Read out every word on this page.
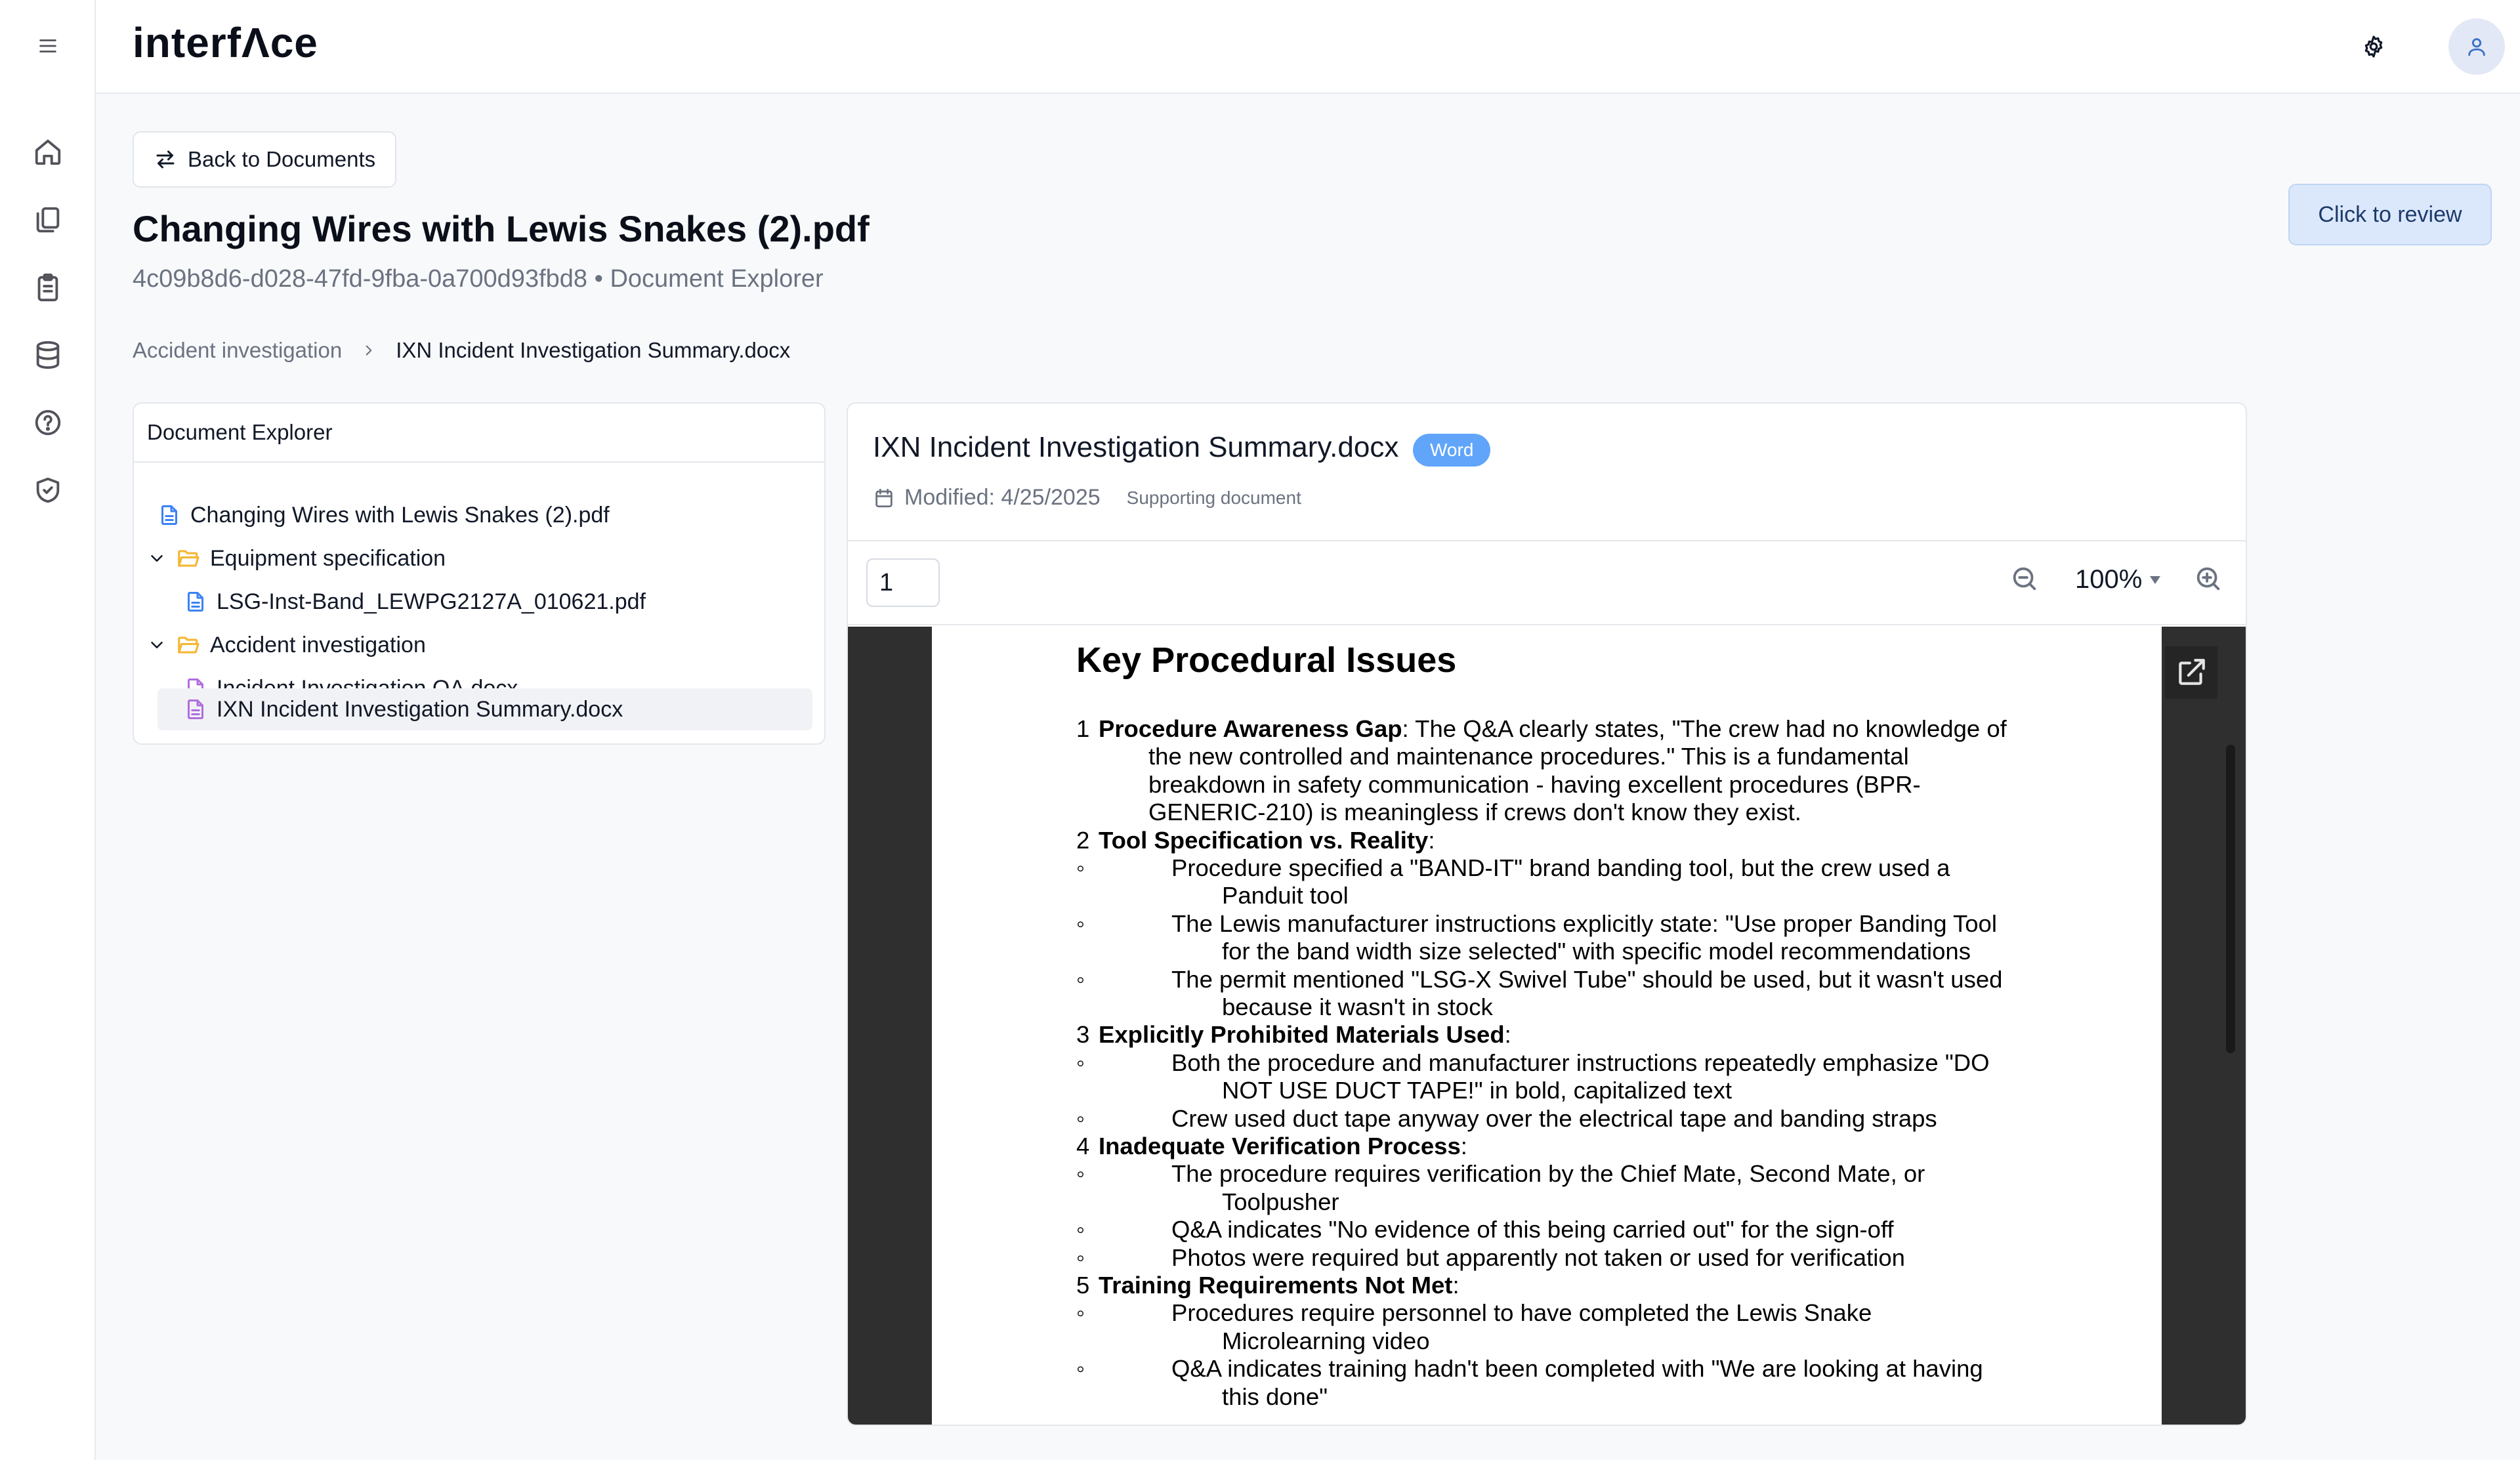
interfΛce
Back to Documents
Changing Wires with Lewis Snakes (2).pdf
4c09b8d6-d028-47fd-9fba-0a700d93fbd8 • Document Explorer
Click to review
Accident investigation IXN Incident Investigation Summary.docx
Document Explorer
Changing Wires with Lewis Snakes (2).pdf
Equipment specification
LSG-Inst-Band_LEWPG2127A_010621.pdf
Accident investigation
IXN Incident Investigation Summary.docx
IXN Incident Investigation Summary.docx	Word
Modified: 4/25/2025 Supporting document
1
100%
Key Procedural Issues
1 Procedure Awareness Gap: The Q&A clearly states, "The crew had no knowledge of
the new controlled and maintenance procedures." This is a fundamental
breakdown in safety communication - having excellent procedures (BPR-
GENERIC-210) is meaningless if crews don't know they exist.
2 Tool Specification vs. Reality:
◦	Procedure specified a "BAND-IT" brand banding tool, but the crew used a
Panduit tool
◦	The Lewis manufacturer instructions explicitly state: "Use proper Banding Tool
for the band width size selected" with specific model recommendations
◦	The permit mentioned "LSG-X Swivel Tube" should be used, but it wasn't used
because it wasn't in stock
3 Explicitly Prohibited Materials Used:
◦	Both the procedure and manufacturer instructions repeatedly emphasize "DO
NOT USE DUCT TAPE!" in bold, capitalized text
◦	Crew used duct tape anyway over the electrical tape and banding straps
4 Inadequate Verification Process:
◦	The procedure requires verification by the Chief Mate, Second Mate, or
Toolpusher
◦	Q&A indicates "No evidence of this being carried out" for the sign-off
◦	Photos were required but apparently not taken or used for verification
5 Training Requirements Not Met:
◦	Procedures require personnel to have completed the Lewis Snake
Microlearning video
◦	Q&A indicates training hadn't been completed with "We are looking at having
this done"
